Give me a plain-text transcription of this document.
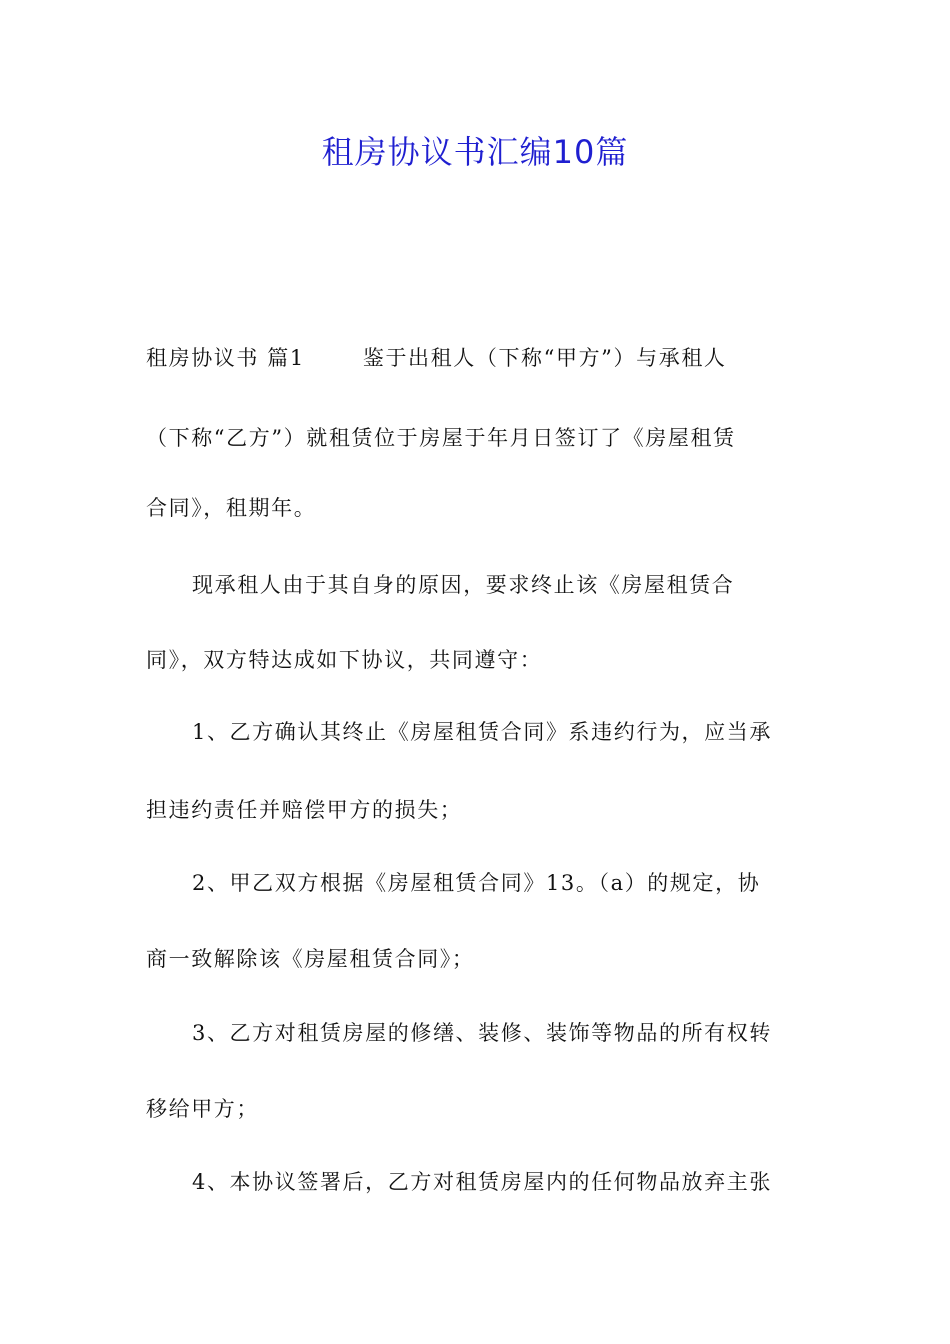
租房协议书汇编10篇
租房协议书 篇1	鉴于出租人（下称“甲方”）与承租人
（下称“乙方”）就租赁位于房屋于年月日签订了《房屋租赁
合同》，租期年。
现承租人由于其自身的原因，要求终止该《房屋租赁合
同》，双方特达成如下协议，共同遵守：
1、乙方确认其终止《房屋租赁合同》系违约行为，应当承
担违约责任并赔偿甲方的损失；
2、甲乙双方根据《房屋租赁合同》13。（a）的规定，协
商一致解除该《房屋租赁合同》；
3、乙方对租赁房屋的修缮、装修、装饰等物品的所有权转
移给甲方；
4、本协议签署后，乙方对租赁房屋内的任何物品放弃主张
